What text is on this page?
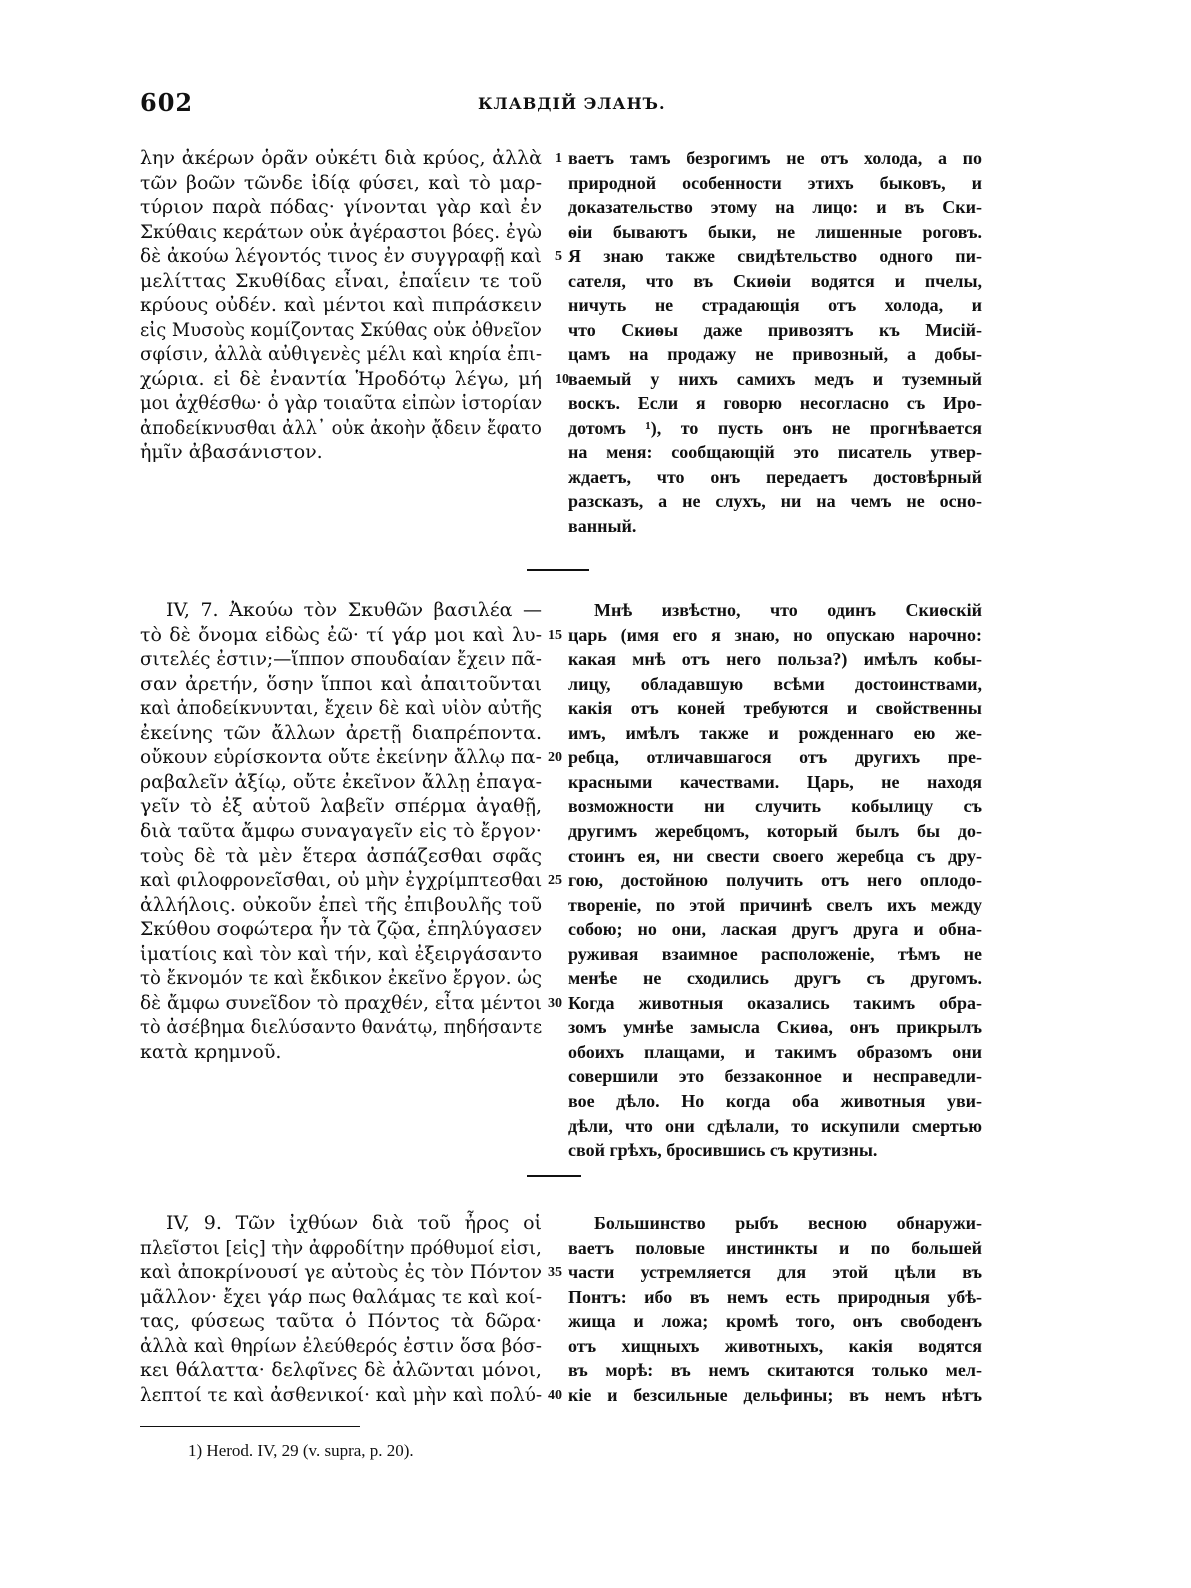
602	КЛАВДІЙ ЭЛАНЪ.
λην ἀκέρων ὁρᾶν οὐκέτι διὰ κρύος, ἀλλὰ
τῶν βοῶν τῶνδε ἰδίᾳ φύσει, καὶ τὸ μαρ-
τύριον παρὰ πόδας· γίνονται γὰρ καὶ ἐν
Σκύθαις κεράτων οὐκ ἀγέραστοι βόες. ἐγὼ
δὲ ἀκούω λέγοντός τινος ἐν συγγραφῇ καὶ
μελίττας Σκυθίδας εἶναι, ἐπαΐειν τε τοῦ
κρύους οὐδέν. καὶ μέντοι καὶ πιπράσκειν
εἰς Μυσοὺς κομίζοντας Σκύθας οὐκ ὀθνεῖον
σφίσιν, ἀλλὰ αὐθιγενὲς μέλι καὶ κηρία ἐπι-
χώρια. εἰ δὲ ἐναντία Ἡροδότῳ λέγω, μή
μοι ἀχθέσθω· ὁ γὰρ τοιαῦτα εἰπὼν ἱστορίαν
ἀποδείκνυσθαι ἀλλ᾽ οὐκ ἀκοὴν ᾄδειν ἔφατο
ἡμῖν ἀβασάνιστον.
ваетъ тамъ безрогимъ не отъ холода, а по
природной особенности этихъ быковъ, и
доказательство этому на лицо: и въ Ски-
ѳіи бываютъ быки, не лишенные роговъ.
Я знаю также свидѣтельство одного пи-
сателя, что въ Скиѳіи водятся и пчелы,
ничуть не страдающія отъ холода, и
что Скиѳы даже привозятъ къ Мисій-
цамъ на продажу не привозный, а добы-
ваемый у нихъ самихъ медъ и туземный
воскъ. Если я говорю несогласно съ Иро-
дотомъ ¹), то пусть онъ не прогнѣвается
на меня: сообщающій это писатель утвер-
ждаетъ, что онъ передаетъ достовѣрный
разсказъ, а не слухъ, ни на чемъ не осно-
ванный.
1
5
10
IV, 7. Ἀκούω τὸν Σκυθῶν βασιλέα —
τὸ δὲ ὄνομα εἰδὼς ἐῶ· τί γάρ μοι καὶ λυ-
σιτελές ἐστιν;—ἵππον σπουδαίαν ἔχειν πᾶ-
σαν ἀρετήν, ὅσην ἵπποι καὶ ἀπαιτοῦνται
καὶ ἀποδείκνυνται, ἔχειν δὲ καὶ υἱὸν αὐτῆς
ἐκείνης τῶν ἄλλων ἀρετῇ διαπρέποντα.
οὔκουν εὑρίσκοντα οὔτε ἐκείνην ἄλλῳ πα-
ραβαλεῖν ἀξίῳ, οὔτε ἐκεῖνον ἄλλῃ ἐπαγα-
γεῖν τὸ ἐξ αὑτοῦ λαβεῖν σπέρμα ἀγαθῇ,
διὰ ταῦτα ἄμφω συναγαγεῖν εἰς τὸ ἔργον·
τοὺς δὲ τὰ μὲν ἕτερα ἀσπάζεσθαι σφᾶς
καὶ φιλοφρονεῖσθαι, οὐ μὴν ἐγχρίμπτεσθαι
ἀλλήλοις. οὐκοῦν ἐπεὶ τῆς ἐπιβουλῆς τοῦ
Σκύθου σοφώτερα ἦν τὰ ζῷα, ἐπηλύγασεν
ἱματίοις καὶ τὸν καὶ τήν, καὶ ἐξειργάσαντο
τὸ ἔκνομόν τε καὶ ἔκδικον ἐκεῖνο ἔργον. ὡς
δὲ ἄμφω συνεῖδον τὸ πραχθέν, εἶτα μέντοι
τὸ ἀσέβημα διελύσαντο θανάτῳ, πηδήσαντε
κατὰ κρημνοῦ.
Мнѣ извѣстно, что одинъ Скиѳскій
царь (имя его я знаю, но опускаю нарочно:
какая мнѣ отъ него польза?) имѣлъ кобы-
лицу, обладавшую всѣми достоинствами,
какія отъ коней требуются и свойственны
имъ, имѣлъ также и рожденнаго ею же-
ребца, отличавшагося отъ другихъ пре-
красными качествами. Царь, не находя
возможности ни случить кобылицу съ
другимъ жеребцомъ, который былъ бы до-
стоинъ ея, ни свести своего жеребца съ дру-
гою, достойною получить отъ него оплодо-
твореніе, по этой причинѣ свелъ ихъ между
собою; но они, лаская другъ друга и обна-
руживая взаимное расположеніе, тѣмъ не
менѣе не сходились другъ съ другомъ.
Когда животныя оказались такимъ обра-
зомъ умнѣе замысла Скиѳа, онъ прикрылъ
обоихъ плащами, и такимъ образомъ они
совершили это беззаконное и несправедли-
вое дѣло. Но когда оба животныя уви-
дѣли, что они сдѣлали, то искупили смертью
свой грѣхъ, бросившись съ крутизны.
15
20
25
30
IV, 9. Τῶν ἰχθύων διὰ τοῦ ἦρος οἱ
πλεῖστοι [εἰς] τὴν ἀφροδίτην πρόθυμοί εἰσι,
καὶ ἀποκρίνουσί γε αὐτοὺς ἐς τὸν Πόντον
μᾶλλον· ἔχει γάρ πως θαλάμας τε καὶ κοί-
τας, φύσεως ταῦτα ὁ Πόντος τὰ δῶρα·
ἀλλὰ καὶ θηρίων ἐλεύθερός ἐστιν ὅσα βόσ-
κει θάλαττα· δελφῖνες δὲ ἀλῶνται μόνοι,
λεπτοί τε καὶ ἀσθενικοί· καὶ μὴν καὶ πολύ-
Большинство рыбъ весною обнаружи-
ваетъ половые инстинкты и по большей
части устремляется для этой цѣли въ
Понтъ: ибо въ немъ есть природныя убѣ-
жища и ложа; кромѣ того, онъ свободенъ
отъ хищныхъ животныхъ, какія водятся
въ морѣ: въ немъ скитаются только мел-
кіе и безсильные дельфины; въ немъ нѣтъ
35
40
1) Herod. IV, 29 (v. supra, p. 20).
